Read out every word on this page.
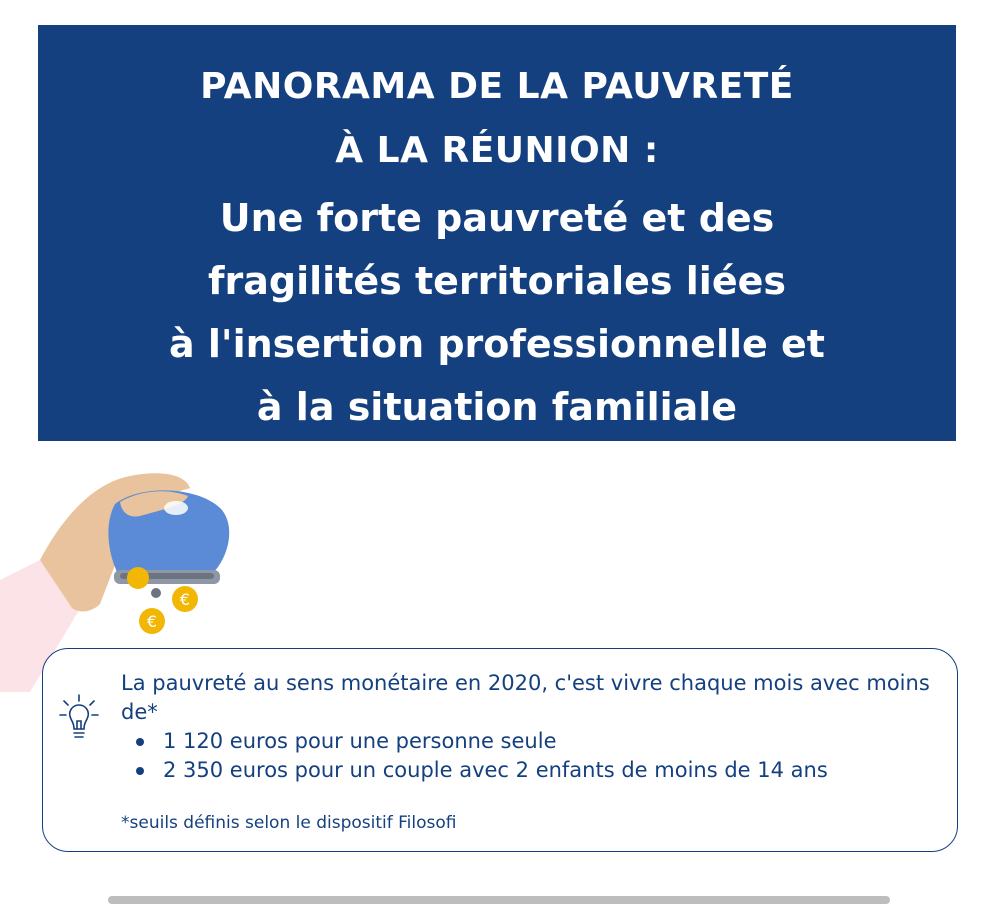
PANORAMA DE LA PAUVRETÉ
À LA RÉUNION :
Une forte pauvreté et des
fragilités territoriales liées
à l'insertion professionnelle et
à la situation familiale
€
€
La pauvreté au sens monétaire en 2020, c'est vivre chaque mois avec moins de*
1 120 euros pour une personne seule
2 350 euros pour un couple avec 2 enfants de moins de 14 ans
*seuils définis selon le dispositif Filosofi
